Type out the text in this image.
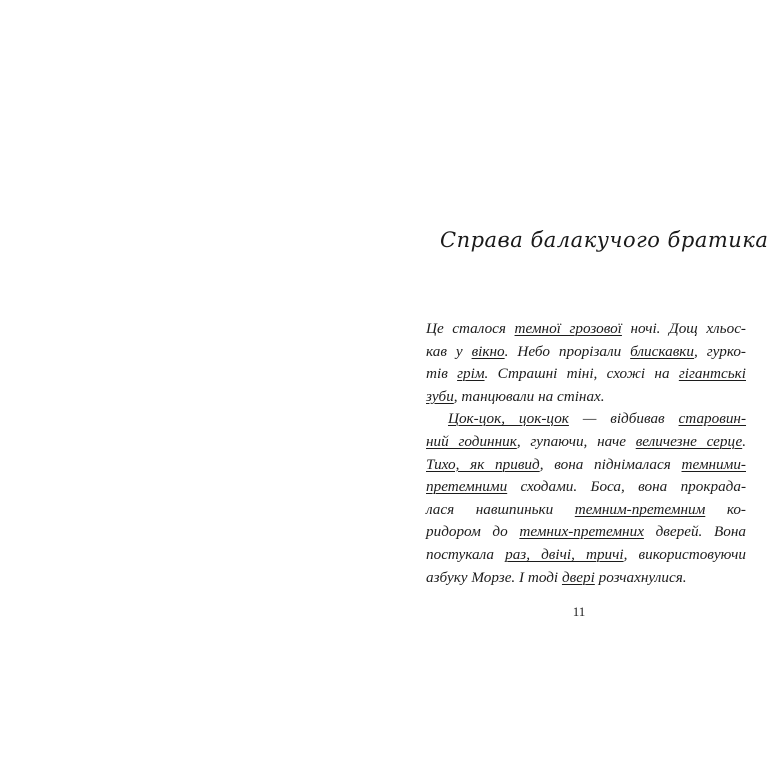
Справа балакучого братика
Це сталося темної грозової ночі. Дощ хльос-
кав у вікно. Небо прорізали блискавки, гурко-
тів грім. Страшні тіні, схожі на гігантські
зуби, танцювали на стінах.
Цок-цок, цок-цок — відбивав старовин-
ний годинник, гупаючи, наче величезне серце.
Тихо, як привид, вона піднімалася темними-
претемними сходами. Боса, вона прокрада-
лася навшпиньки темним-претемним ко-
ридором до темних-претемних дверей. Вона
постукала раз, двічі, тричі, використовуючи
азбуку Морзе. І тоді двері розчахнулися.
11
